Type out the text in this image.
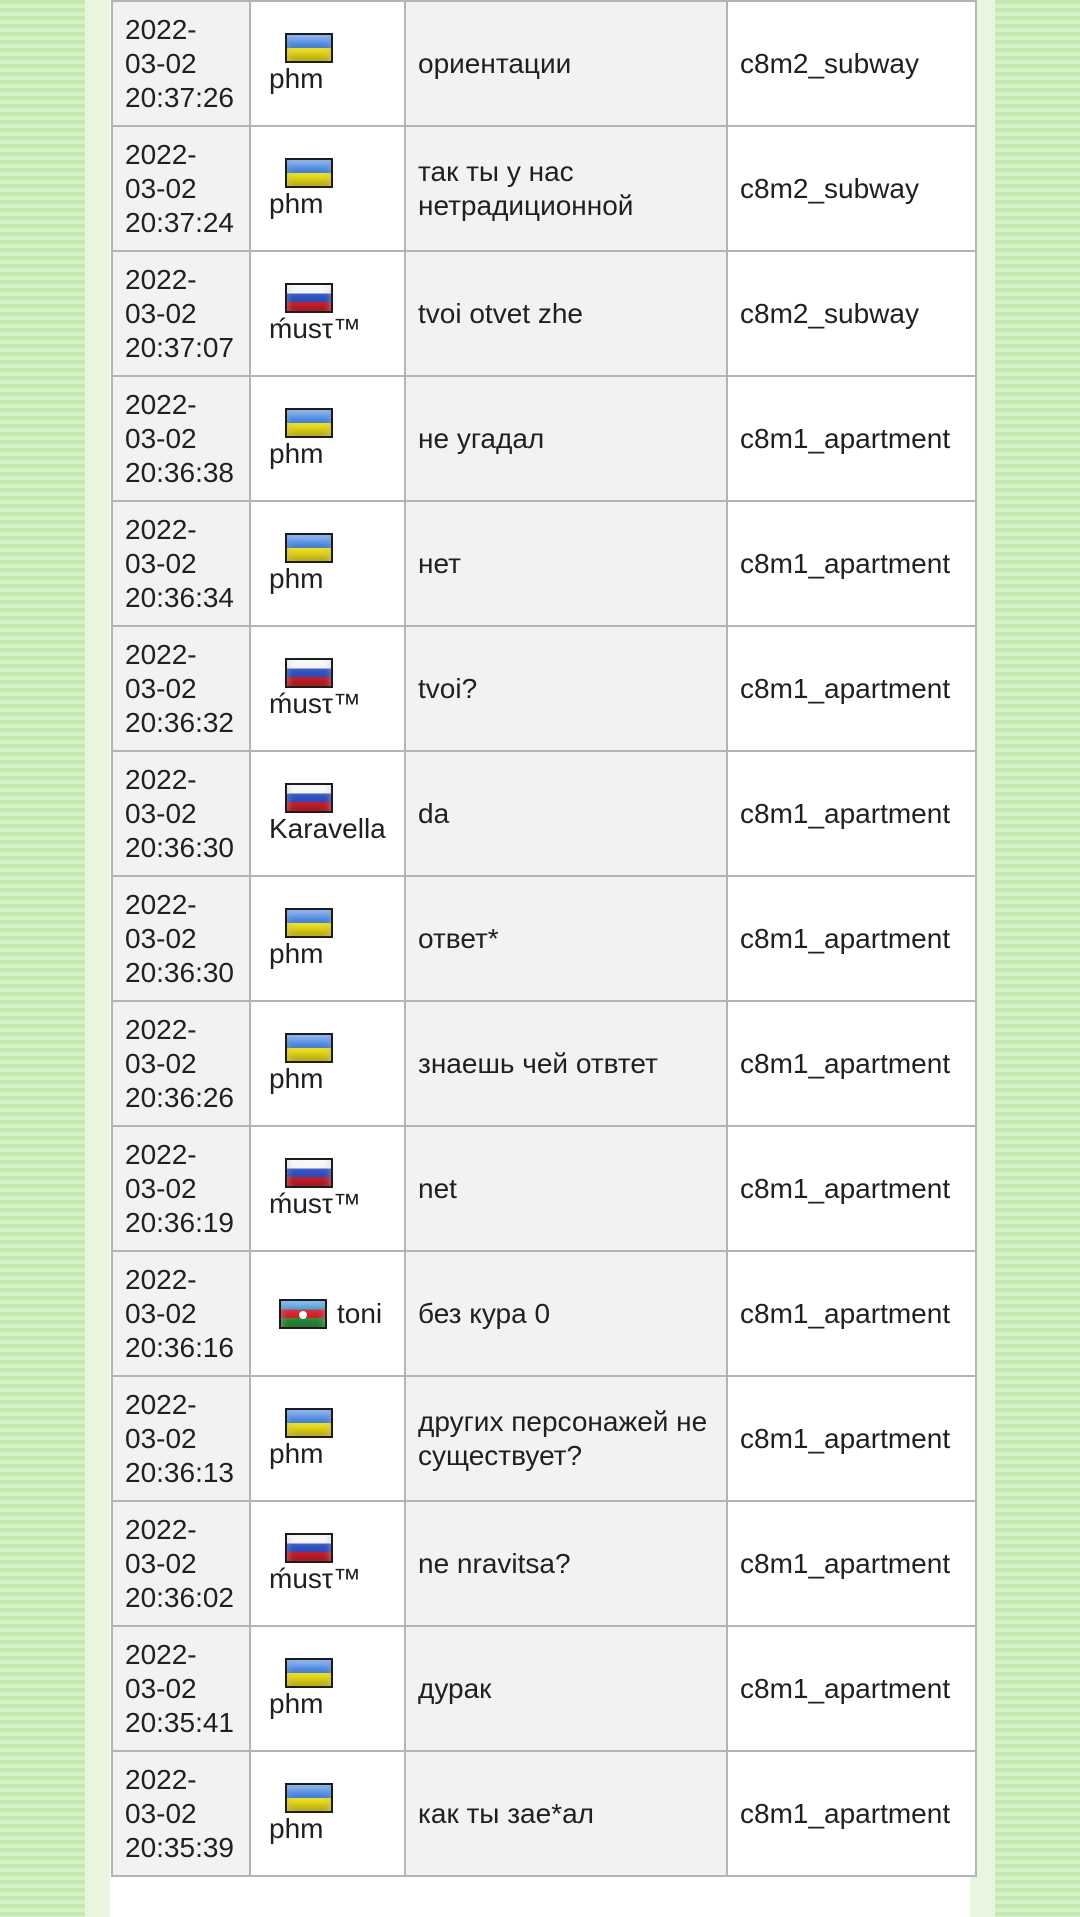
2022-
03-02
20:37:26	phm	ориентации	c8m2_subway

2022-
03-02
20:37:24	phm	так ты у нас нетрадиционной	c8m2_subway

2022-
03-02
20:37:07	ḿusτ™	tvoi otvet zhe	c8m2_subway

2022-
03-02
20:36:38	phm	не угадал	c8m1_apartment

2022-
03-02
20:36:34	phm	нет	c8m1_apartment

2022-
03-02
20:36:32	ḿusτ™	tvoi?	c8m1_apartment

2022-
03-02
20:36:30	Karavella	da	c8m1_apartment

2022-
03-02
20:36:30	phm	ответ*	c8m1_apartment

2022-
03-02
20:36:26	phm	знаешь чей отвтет	c8m1_apartment

2022-
03-02
20:36:19	ḿusτ™	net	c8m1_apartment

2022-
03-02
20:36:16	toni	без кура 0	c8m1_apartment

2022-
03-02
20:36:13	phm	других персонажей не существует?	c8m1_apartment

2022-
03-02
20:36:02	ḿusτ™	ne nravitsa?	c8m1_apartment

2022-
03-02
20:35:41	phm	дурак	c8m1_apartment

2022-
03-02
20:35:39	phm	как ты зае*ал	c8m1_apartment
